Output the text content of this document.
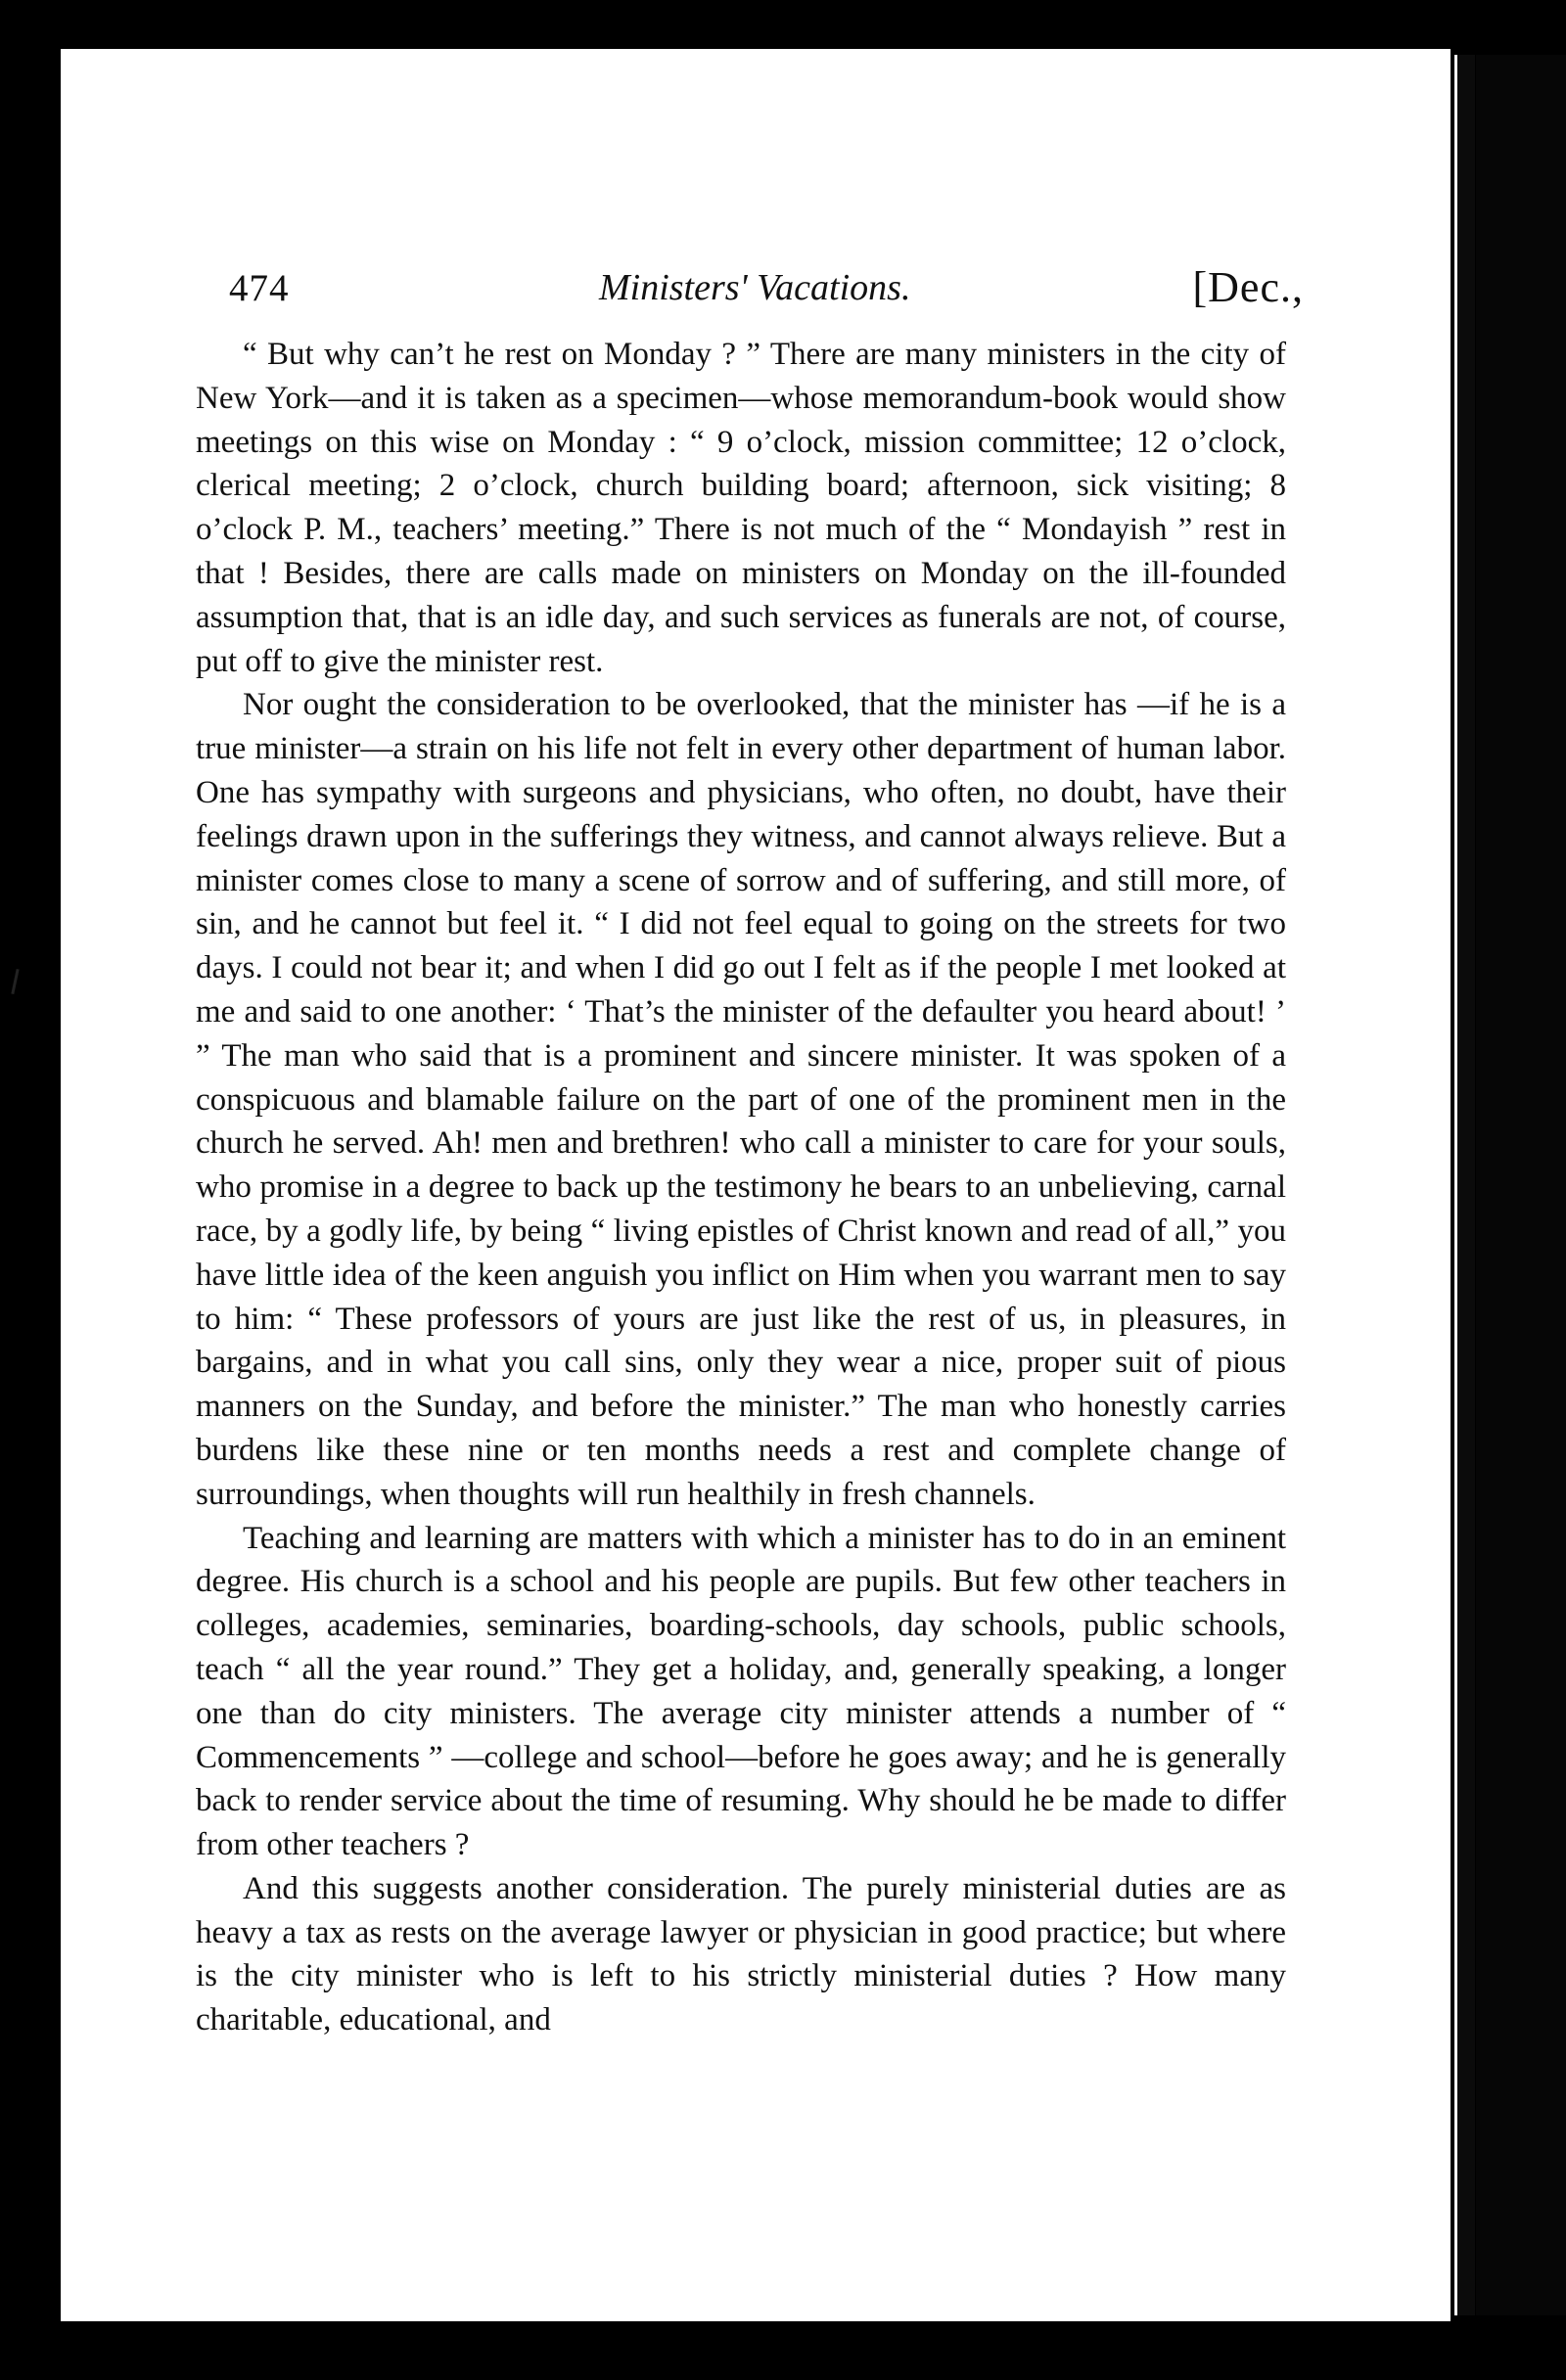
474	Ministers' Vacations.	[Dec.,

“ But why can’t he rest on Monday ? ” There are many ministers in the city of New York—and it is taken as a specimen—whose memorandum-book would show meetings on this wise on Monday : “ 9 o’clock, mission committee; 12 o’clock, clerical meeting; 2 o’clock, church building board; afternoon, sick visiting; 8 o’clock P. M., teachers’ meeting.” There is not much of the “ Mondayish ” rest in that ! Besides, there are calls made on ministers on Monday on the ill-founded assumption that, that is an idle day, and such services as funerals are not, of course, put off to give the minister rest.

Nor ought the consideration to be overlooked, that the minister has —if he is a true minister—a strain on his life not felt in every other department of human labor. One has sympathy with surgeons and physicians, who often, no doubt, have their feelings drawn upon in the sufferings they witness, and cannot always relieve. But a minister comes close to many a scene of sorrow and of suffering, and still more, of sin, and he cannot but feel it. “ I did not feel equal to going on the streets for two days. I could not bear it; and when I did go out I felt as if the people I met looked at me and said to one another: ‘ That’s the minister of the defaulter you heard about! ’ ” The man who said that is a prominent and sincere minister. It was spoken of a conspicuous and blamable failure on the part of one of the prominent men in the church he served. Ah! men and brethren! who call a minister to care for your souls, who promise in a degree to back up the testimony he bears to an unbelieving, carnal race, by a godly life, by being “ living epistles of Christ known and read of all,” you have little idea of the keen anguish you inflict on Him when you warrant men to say to him: “ These professors of yours are just like the rest of us, in pleasures, in bargains, and in what you call sins, only they wear a nice, proper suit of pious manners on the Sunday, and before the minister.” The man who honestly carries burdens like these nine or ten months needs a rest and complete change of surroundings, when thoughts will run healthily in fresh channels.

Teaching and learning are matters with which a minister has to do in an eminent degree. His church is a school and his people are pupils. But few other teachers in colleges, academies, seminaries, boarding-schools, day schools, public schools, teach “ all the year round.” They get a holiday, and, generally speaking, a longer one than do city ministers. The average city minister attends a number of “ Commencements ” —college and school—before he goes away; and he is generally back to render service about the time of resuming. Why should he be made to differ from other teachers ?

And this suggests another consideration. The purely ministerial duties are as heavy a tax as rests on the average lawyer or physician in good practice; but where is the city minister who is left to his strictly ministerial duties ? How many charitable, educational, and
